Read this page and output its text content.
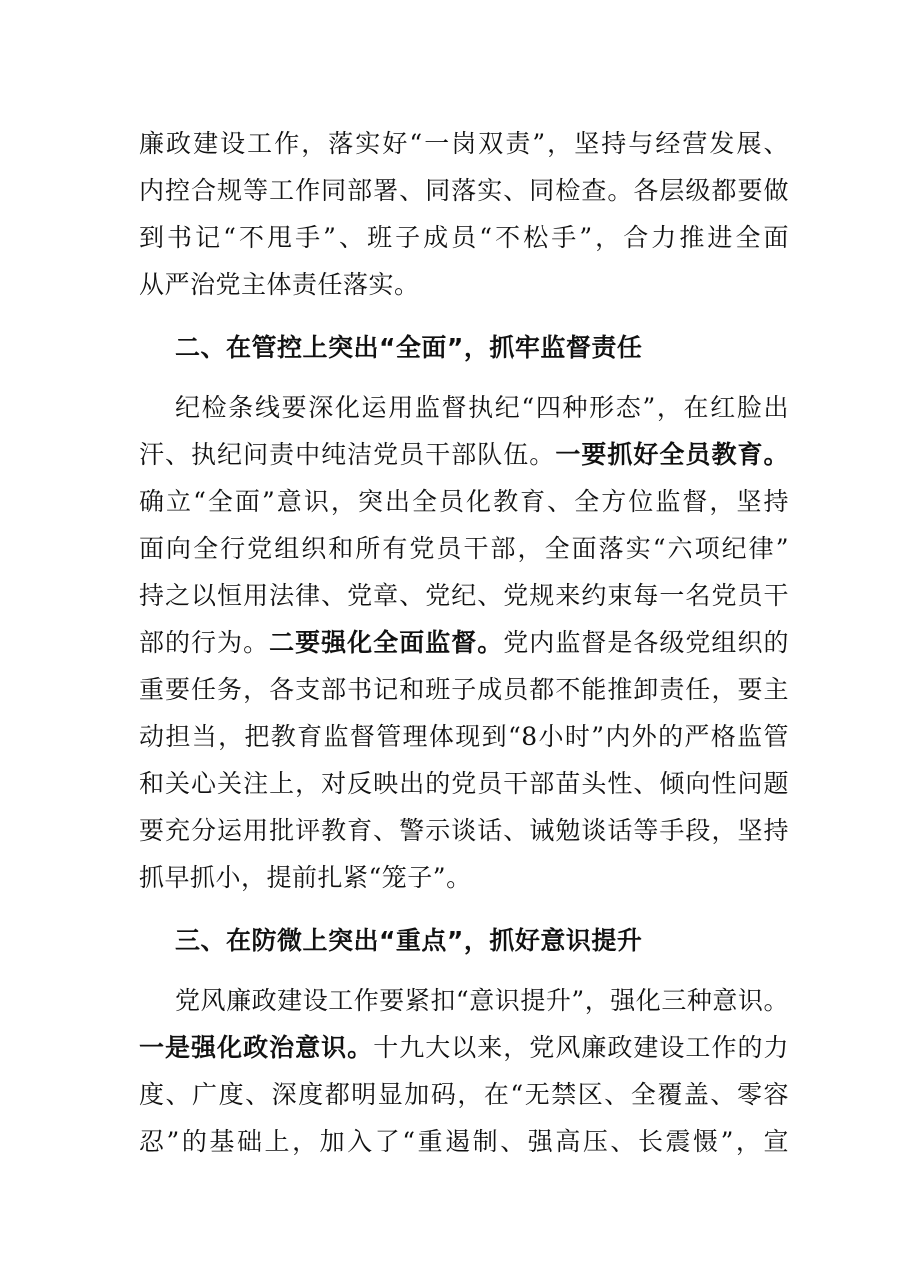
廉政建设工作，落实好“一岗双责”，坚持与经营发展、
内控合规等工作同部署、同落实、同检查。各层级都要做
到书记“不甩手”、班子成员“不松手”，合力推进全面
从严治党主体责任落实。
二、在管控上突出“全面”，抓牢监督责任
纪检条线要深化运用监督执纪“四种形态”，在红脸出
汗、执纪问责中纯洁党员干部队伍。一要抓好全员教育。
确立“全面”意识，突出全员化教育、全方位监督，坚持
面向全行党组织和所有党员干部，全面落实“六项纪律”
持之以恒用法律、党章、党纪、党规来约束每一名党员干
部的行为。二要强化全面监督。党内监督是各级党组织的
重要任务，各支部书记和班子成员都不能推卸责任，要主
动担当，把教育监督管理体现到“8小时”内外的严格监管
和关心关注上，对反映出的党员干部苗头性、倾向性问题
要充分运用批评教育、警示谈话、诫勉谈话等手段，坚持
抓早抓小，提前扎紧“笼子”。
三、在防微上突出“重点”，抓好意识提升
党风廉政建设工作要紧扣“意识提升”，强化三种意识。
一是强化政治意识。十九大以来，党风廉政建设工作的力
度、广度、深度都明显加码，在“无禁区、全覆盖、零容
忍”的基础上，加入了“重遏制、强高压、长震慑”，宣
